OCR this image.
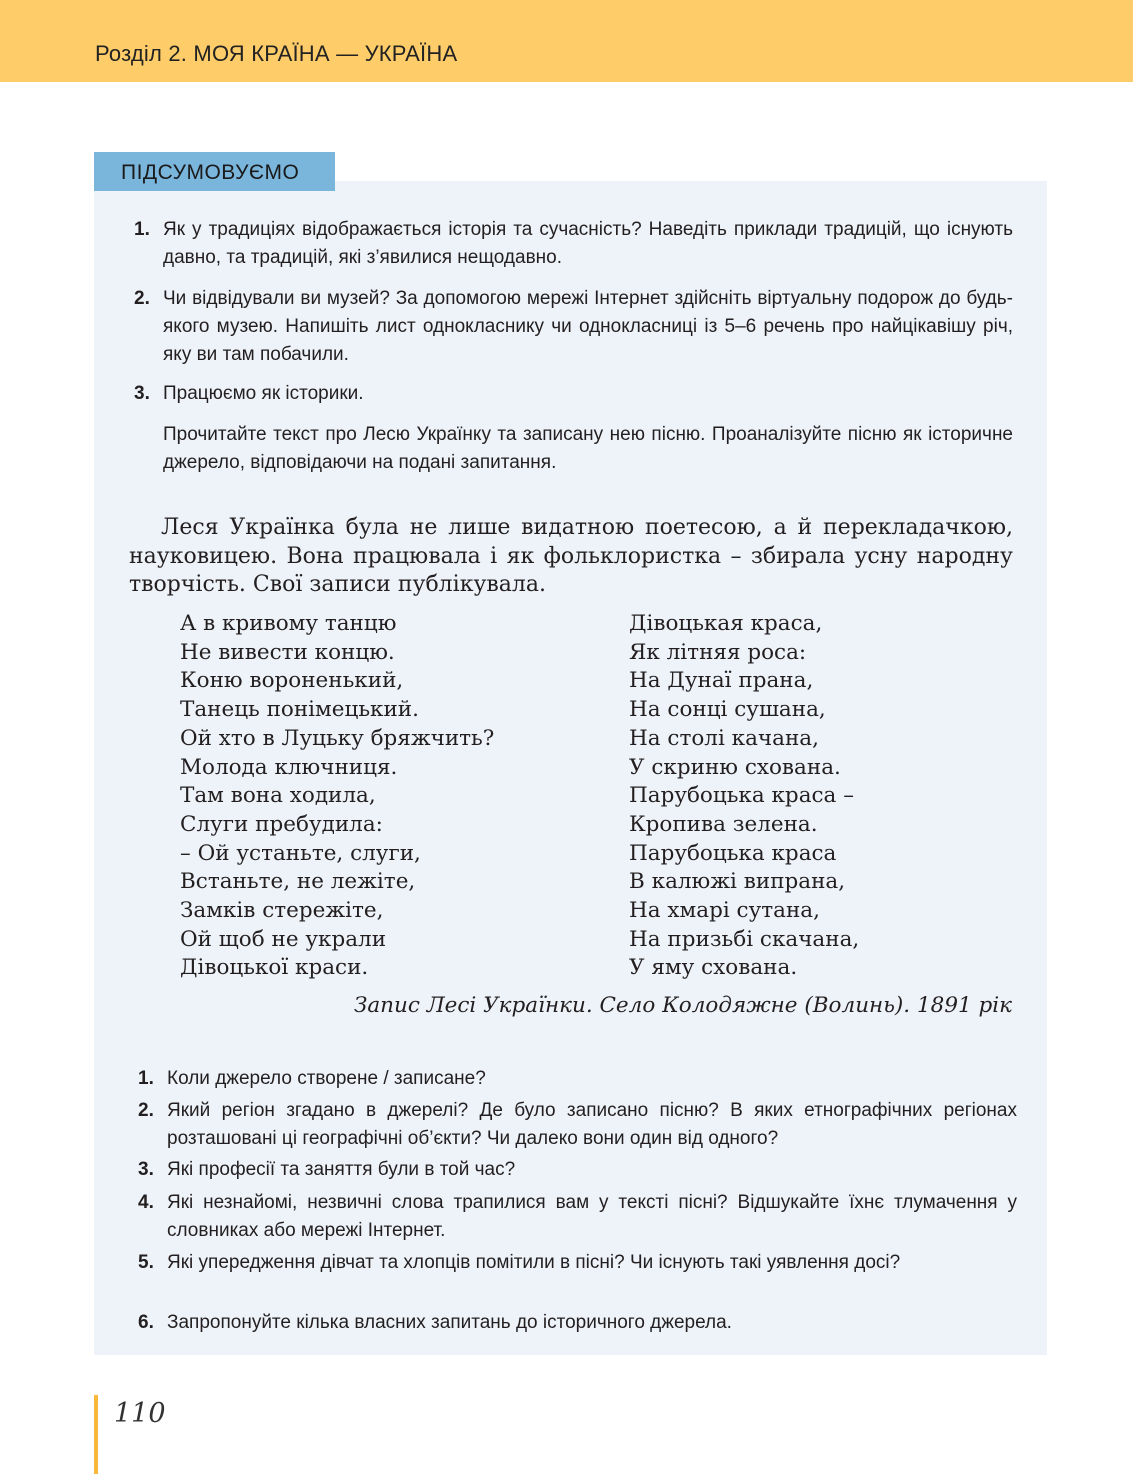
Розділ 2. МОЯ КРАЇНА — УКРАЇНА
ПІДСУМОВУЄМО
1. Як у традиціях відображається історія та сучасність? Наведіть приклади традицій, що існують давно, та традицій, які з’явилися нещодавно.
2. Чи відвідували ви музей? За допомогою мережі Інтернет здійсніть віртуальну подорож до будь-якого музею. Напишіть лист однокласнику чи однокласниці із 5–6 речень про найцікавішу річ, яку ви там побачили.
3. Працюємо як історики.
Прочитайте текст про Лесю Українку та записану нею пісню. Проаналізуйте пісню як історичне джерело, відповідаючи на подані запитання.
Леся Українка була не лише видатною поетесою, а й перекладачкою, науковицею. Вона працювала і як фольклористка – збирала усну народну творчість. Свої записи публікувала.
А в кривому танцю
Не вивести концю.
Коню вороненький,
Танець понімецький.
Ой хто в Луцьку бряжчить?
Молода ключниця.
Там вона ходила,
Слуги пребудила:
– Ой устаньте, слуги,
Встаньте, не лежіте,
Замків стережіте,
Ой щоб не украли
Дівоцької краси.
Дівоцькая краса,
Як літняя роса:
На Дунаї прана,
На сонці сушана,
На столі качана,
У скриню схована.
Парубоцька краса –
Кропива зелена.
Парубоцька краса
В калюжі випрана,
На хмарі сутана,
На призьбі скачана,
У яму схована.
Запис Лесі Українки. Село Колодяжне (Волинь). 1891 рік
1. Коли джерело створене / записане?
2. Який регіон згадано в джерелі? Де було записано пісню? В яких етнографічних регіонах розташовані ці географічні об’єкти? Чи далеко вони один від одного?
3. Які професії та заняття були в той час?
4. Які незнайомі, незвичні слова трапилися вам у тексті пісні? Відшукайте їхнє тлумачення у словниках або мережі Інтернет.
5. Які упередження дівчат та хлопців помітили в пісні? Чи існують такі уявлення досі?
6. Запропонуйте кілька власних запитань до історичного джерела.
110
